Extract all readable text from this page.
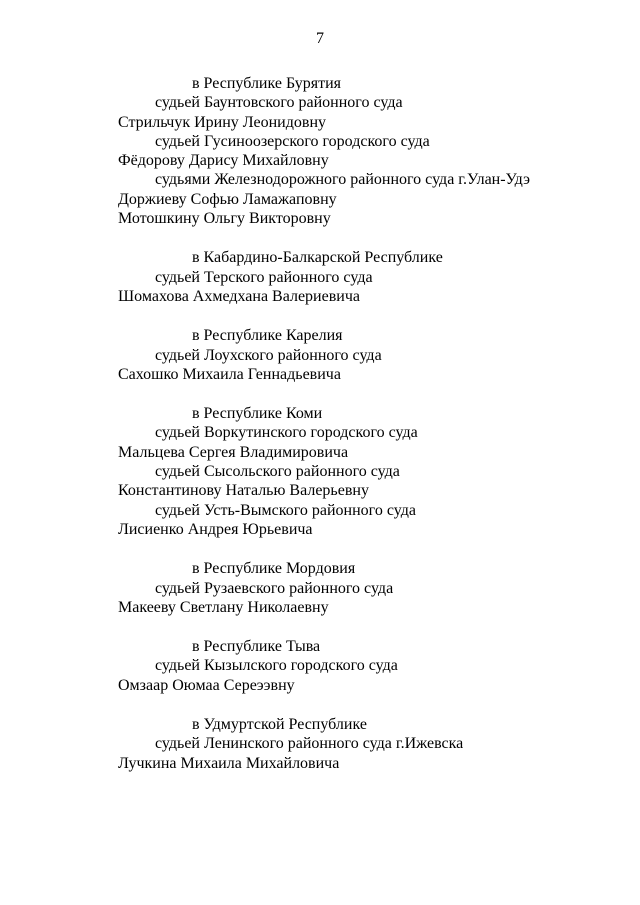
7
в Республике Бурятия
судьей Баунтовского районного суда
Стрильчук Ирину Леонидовну
судьей Гусиноозерского городского суда
Фёдорову Дарису Михайловну
судьями Железнодорожного районного суда г.Улан-Удэ
Доржиеву Софью Ламажаповну
Мотошкину Ольгу Викторовну
в Кабардино-Балкарской Республике
судьей Терского районного суда
Шомахова Ахмедхана Валериевича
в Республике Карелия
судьей Лоухского районного суда
Сахошко Михаила Геннадьевича
в Республике Коми
судьей Воркутинского городского суда
Мальцева Сергея Владимировича
судьей Сысольского районного суда
Константинову Наталью Валерьевну
судьей Усть-Вымского районного суда
Лисиенко Андрея Юрьевича
в Республике Мордовия
судьей Рузаевского районного суда
Макееву Светлану Николаевну
в Республике Тыва
судьей Кызылского городского суда
Омзаар Оюмаа Сереээвну
в Удмуртской Республике
судьей Ленинского районного суда г.Ижевска
Лучкина Михаила Михайловича
